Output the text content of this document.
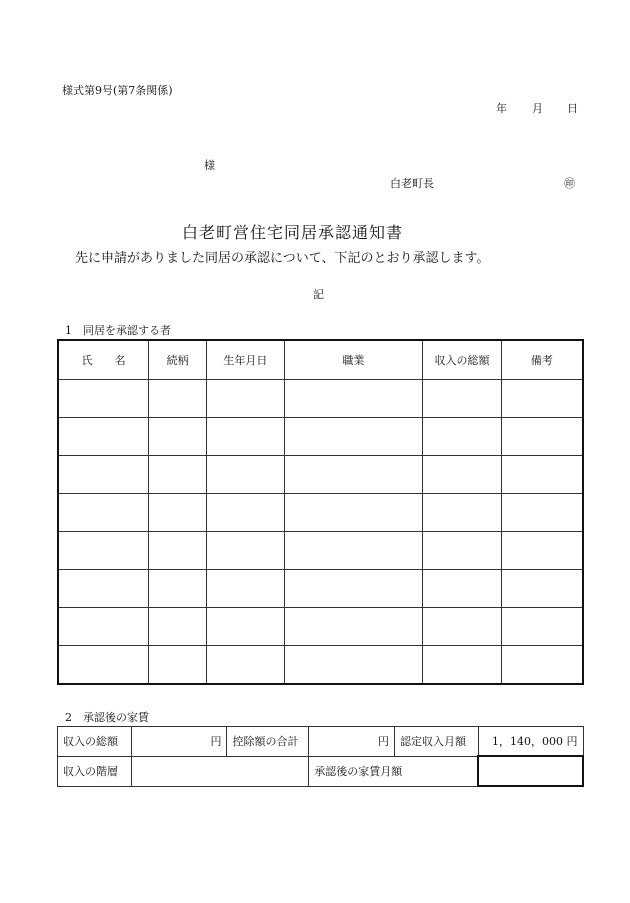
様式第9号(第7条関係)
年 月 日
様
白老町長	㊞
白老町営住宅同居承認通知書
先に申請がありました同居の承認について、下記のとおり承認します。
記
1　同居を承認する者
氏　　名	続柄	生年月日	職業	収入の総額	備考

2　承認後の家賃
収入の総額	円	控除額の合計	円	認定収入月額	1，140，000 円
収入の階層			承認後の家賃月額		
